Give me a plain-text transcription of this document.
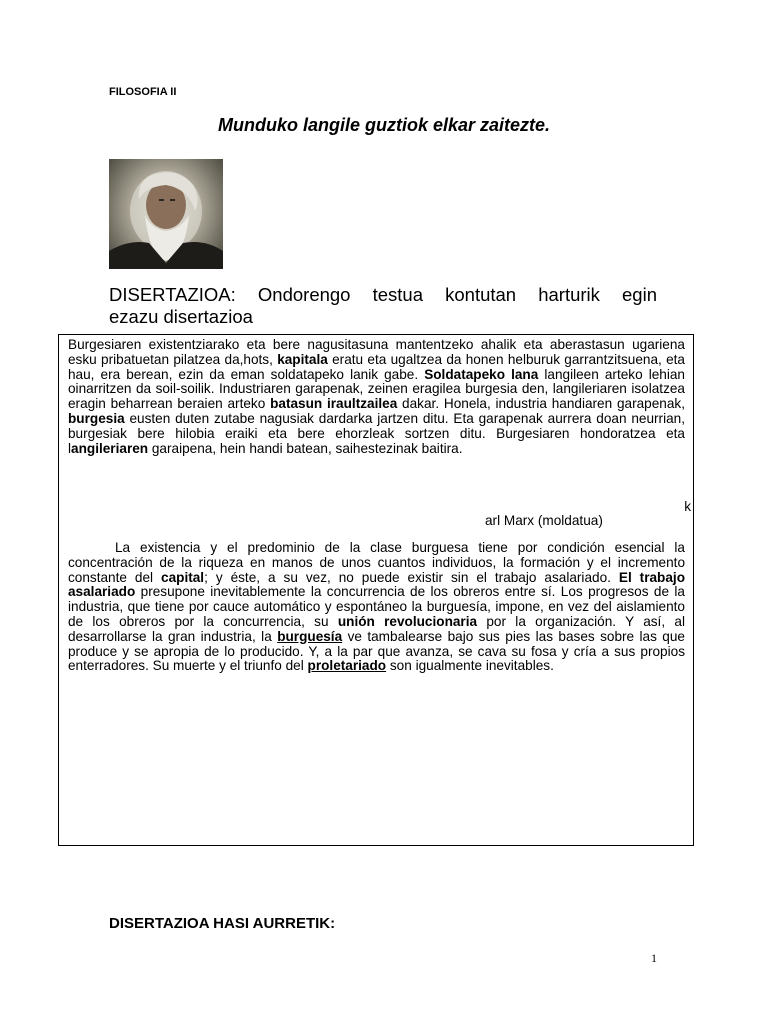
FILOSOFIA II
Munduko langile guztiok elkar zaitezte.
DISERTAZIOA: Ondorengo testua kontutan harturik egin
ezazu disertazioa
Burgesiaren existentziarako eta bere nagusitasuna mantentzeko ahalik eta aberastasun ugariena esku pribatuetan pilatzea da,hots, kapitala eratu eta ugaltzea da honen helburuk garrantzitsuena, eta hau, era berean, ezin da eman soldatapeko lanik gabe. Soldatapeko lana langileen arteko lehian oinarritzen da soil-soilik. Industriaren garapenak, zeinen eragilea burgesia den, langileriaren isolatzea eragin beharrean beraien arteko batasun iraultzailea dakar. Honela, industria handiaren garapenak, burgesia eusten duten zutabe nagusiak dardarka jartzen ditu. Eta garapenak aurrera doan neurrian, burgesiak bere hilobia eraiki eta bere ehorzleak sortzen ditu. Burgesiaren hondoratzea eta langileriaren garaipena, hein handi batean, saihestezinak baitira.
k
arl Marx (moldatua)
La existencia y el predominio de la clase burguesa tiene por condición esencial la concentración de la riqueza en manos de unos cuantos individuos, la formación y el incremento constante del capital; y éste, a su vez, no puede existir sin el trabajo asalariado. El trabajo asalariado presupone inevitablemente la concurrencia de los obreros entre sí. Los progresos de la industria, que tiene por cauce automático y espontáneo la burguesía, impone, en vez del aislamiento de los obreros por la concurrencia, su unión revolucionaria por la organización. Y así, al desarrollarse la gran industria, la burguesía ve tambalearse bajo sus pies las bases sobre las que produce y se apropia de lo producido. Y, a la par que avanza, se cava su fosa y cría a sus propios enterradores. Su muerte y el triunfo del proletariado son igualmente inevitables.
DISERTAZIOA HASI AURRETIK:
1
